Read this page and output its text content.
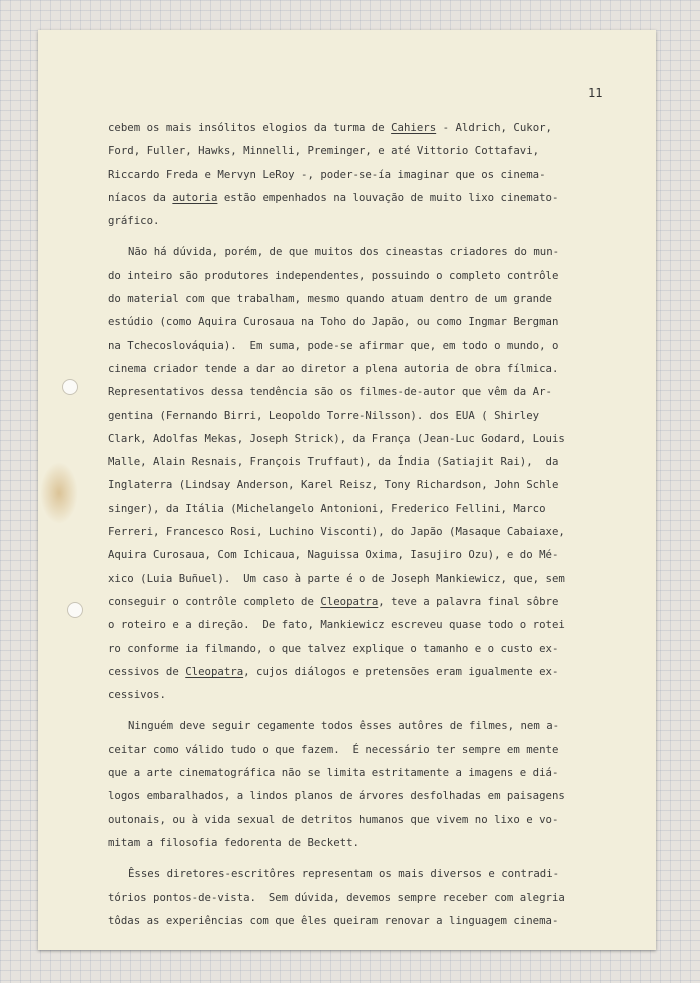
11
cebem os mais insólitos elogios da turma de Cahiers - Aldrich, Cukor,
Ford, Fuller, Hawks, Minnelli, Preminger, e até Vittorio Cottafavi,
Riccardo Freda e Mervyn LeRoy -, poder-se-ía imaginar que os cinema-
níacos da autoria estão empenhados na louvação de muito lixo cinemato-
gráfico.
Não há dúvida, porém, de que muitos dos cineastas criadores do mun-
do inteiro são produtores independentes, possuindo o completo contrôle
do material com que trabalham, mesmo quando atuam dentro de um grande
estúdio (como Aquira Curosaua na Toho do Japão, ou como Ingmar Bergman
na Tchecoslováquia).  Em suma, pode-se afirmar que, em todo o mundo, o
cinema criador tende a dar ao diretor a plena autoria de obra fílmica.
Representativos dessa tendência são os filmes-de-autor que vêm da Ar-
gentina (Fernando Birri, Leopoldo Torre-Nilsson). dos EUA ( Shirley
Clark, Adolfas Mekas, Joseph Strick), da França (Jean-Luc Godard, Louis
Malle, Alain Resnais, François Truffaut), da Índia (Satiajit Rai),  da
Inglaterra (Lindsay Anderson, Karel Reisz, Tony Richardson, John Schle
singer), da Itália (Michelangelo Antonioni, Frederico Fellini, Marco
Ferreri, Francesco Rosi, Luchino Visconti), do Japão (Masaque Cabaiaxe,
Aquira Curosaua, Com Ichicaua, Naguissa Oxima, Iasujiro Ozu), e do Mé-
xico (Luia Buñuel).  Um caso à parte é o de Joseph Mankiewicz, que, sem
conseguir o contrôle completo de Cleopatra, teve a palavra final sôbre
o roteiro e a direção.  De fato, Mankiewicz escreveu quase todo o rotei
ro conforme ia filmando, o que talvez explique o tamanho e o custo ex-
cessivos de Cleopatra, cujos diálogos e pretensões eram igualmente ex-
cessivos.
Ninguém deve seguir cegamente todos êsses autôres de filmes, nem a-
ceitar como válido tudo o que fazem.  É necessário ter sempre em mente
que a arte cinematográfica não se limita estritamente a imagens e diá-
logos embaralhados, a lindos planos de árvores desfolhadas em paisagens
outonais, ou à vida sexual de detritos humanos que vivem no lixo e vo-
mitam a filosofia fedorenta de Beckett.
Êsses diretores-escritôres representam os mais diversos e contradi-
tórios pontos-de-vista.  Sem dúvida, devemos sempre receber com alegria
tôdas as experiências com que êles queiram renovar a linguagem cinema-
